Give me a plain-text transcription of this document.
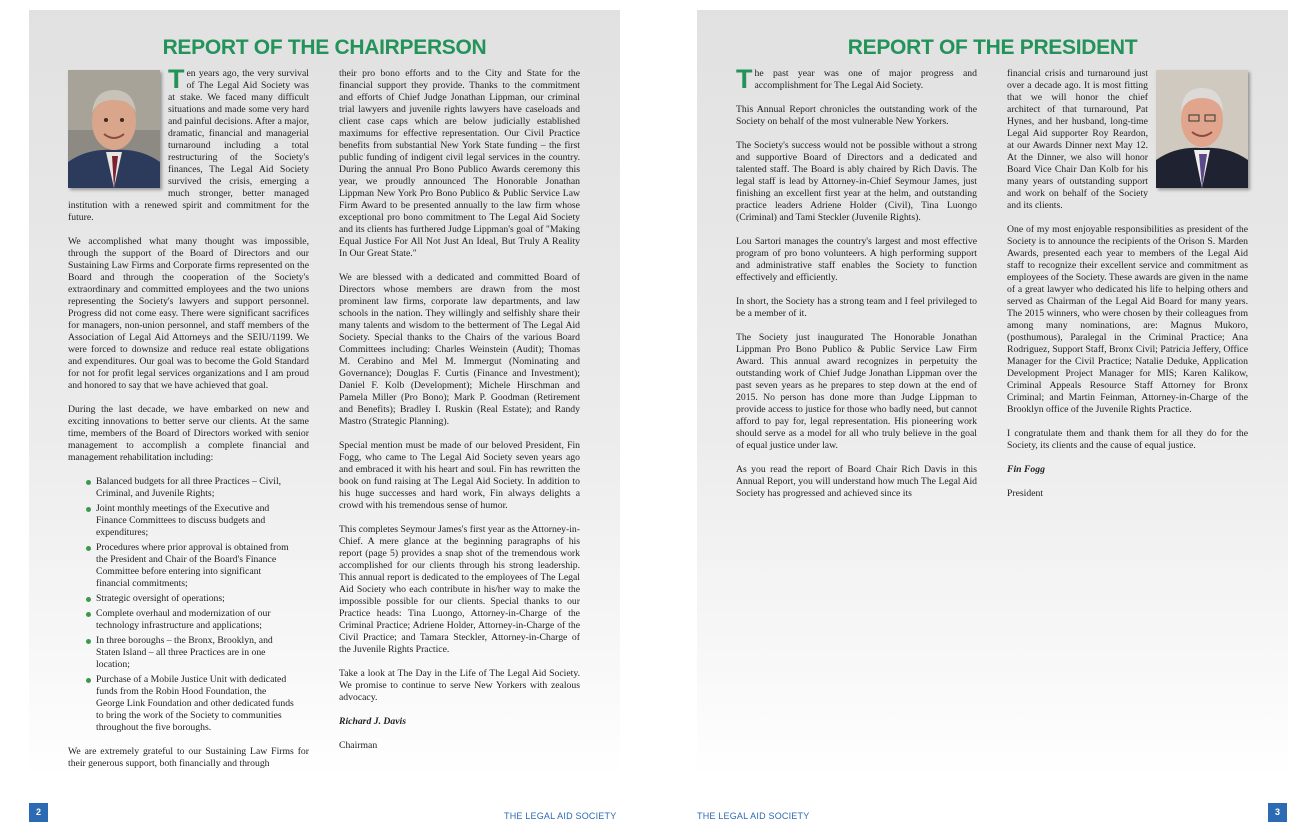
REPORT OF THE CHAIRPERSON

Ten years ago, the very survival of The Legal Aid Society was at stake. We faced many difficult situations and made some very hard and painful decisions. After a major, dramatic, financial and managerial turnaround including a total restructuring of the Society's finances, The Legal Aid Society survived the crisis, emerging a much stronger, better managed institution with a renewed spirit and commitment for the future.

We accomplished what many thought was impossible, through the support of the Board of Directors and our Sustaining Law Firms and Corporate firms represented on the Board and through the cooperation of the Society's extraordinary and committed employees and the two unions representing the Society's lawyers and support personnel. Progress did not come easy. There were significant sacrifices for managers, non-union personnel, and staff members of the Association of Legal Aid Attorneys and the SEIU/1199. We were forced to downsize and reduce real estate obligations and expenditures. Our goal was to become the Gold Standard for not for profit legal services organizations and I am proud and honored to say that we have achieved that goal.

During the last decade, we have embarked on new and exciting innovations to better serve our clients. At the same time, members of the Board of Directors worked with senior management to accomplish a complete financial and management rehabilitation including:

Balanced budgets for all three Practices – Civil, Criminal, and Juvenile Rights;
Joint monthly meetings of the Executive and Finance Committees to discuss budgets and expenditures;
Procedures where prior approval is obtained from the President and Chair of the Board's Finance Committee before entering into significant financial commitments;
Strategic oversight of operations;
Complete overhaul and modernization of our technology infrastructure and applications;
In three boroughs – the Bronx, Brooklyn, and Staten Island – all three Practices are in one location;
Purchase of a Mobile Justice Unit with dedicated funds from the Robin Hood Foundation, the George Link Foundation and other dedicated funds to bring the work of the Society to communities throughout the five boroughs.

We are extremely grateful to our Sustaining Law Firms for their generous support, both financially and through

their pro bono efforts and to the City and State for the financial support they provide. Thanks to the commitment and efforts of Chief Judge Jonathan Lippman, our criminal trial lawyers and juvenile rights lawyers have caseloads and client case caps which are below judicially established maximums for effective representation. Our Civil Practice benefits from substantial New York State funding – the first public funding of indigent civil legal services in the country. During the annual Pro Bono Publico Awards ceremony this year, we proudly announced The Honorable Jonathan Lippman New York Pro Bono Publico & Public Service Law Firm Award to be presented annually to the law firm whose exceptional pro bono commitment to The Legal Aid Society and its clients has furthered Judge Lippman's goal of "Making Equal Justice For All Not Just An Ideal, But Truly A Reality In Our Great State."

We are blessed with a dedicated and committed Board of Directors whose members are drawn from the most prominent law firms, corporate law departments, and law schools in the nation. They willingly and selfishly share their many talents and wisdom to the betterment of The Legal Aid Society. Special thanks to the Chairs of the various Board Committees including: Charles Weinstein (Audit); Thomas M. Cerabino and Mel M. Immergut (Nominating and Governance); Douglas F. Curtis (Finance and Investment); Daniel F. Kolb (Development); Michele Hirschman and Pamela Miller (Pro Bono); Mark P. Goodman (Retirement and Benefits); Bradley I. Ruskin (Real Estate); and Randy Mastro (Strategic Planning).

Special mention must be made of our beloved President, Fin Fogg, who came to The Legal Aid Society seven years ago and embraced it with his heart and soul. Fin has rewritten the book on fund raising at The Legal Aid Society. In addition to his huge successes and hard work, Fin always delights a crowd with his tremendous sense of humor.

This completes Seymour James's first year as the Attorney-in-Chief. A mere glance at the beginning paragraphs of his report (page 5) provides a snap shot of the tremendous work accomplished for our clients through his strong leadership. This annual report is dedicated to the employees of The Legal Aid Society who each contribute in his/her way to make the impossible possible for our clients. Special thanks to our Practice heads: Tina Luongo, Attorney-in-Charge of the Criminal Practice; Adriene Holder, Attorney-in-Charge of the Civil Practice; and Tamara Steckler, Attorney-in-Charge of the Juvenile Rights Practice.

Take a look at The Day in the Life of The Legal Aid Society. We promise to continue to serve New Yorkers with zealous advocacy.

Richard J. Davis

Chairman

REPORT OF THE PRESIDENT

The past year was one of major progress and accomplishment for The Legal Aid Society.

This Annual Report chronicles the outstanding work of the Society on behalf of the most vulnerable New Yorkers.

The Society's success would not be possible without a strong and supportive Board of Directors and a dedicated and talented staff. The Board is ably chaired by Rich Davis. The legal staff is lead by Attorney-in-Chief Seymour James, just finishing an excellent first year at the helm, and outstanding practice leaders Adriene Holder (Civil), Tina Luongo (Criminal) and Tami Steckler (Juvenile Rights).

Lou Sartori manages the country's largest and most effective program of pro bono volunteers. A high performing support and administrative staff enables the Society to function effectively and efficiently.

In short, the Society has a strong team and I feel privileged to be a member of it.

The Society just inaugurated The Honorable Jonathan Lippman Pro Bono Publico & Public Service Law Firm Award. This annual award recognizes in perpetuity the outstanding work of Chief Judge Jonathan Lippman over the past seven years as he prepares to step down at the end of 2015. No person has done more than Judge Lippman to provide access to justice for those who badly need, but cannot afford to pay for, legal representation. His pioneering work should serve as a model for all who truly believe in the goal of equal justice under law.

As you read the report of Board Chair Rich Davis in this Annual Report, you will understand how much The Legal Aid Society has progressed and achieved since its

financial crisis and turnaround just over a decade ago. It is most fitting that we will honor the chief architect of that turnaround, Pat Hynes, and her husband, long-time Legal Aid supporter Roy Reardon, at our Awards Dinner next May 12. At the Dinner, we also will honor Board Vice Chair Dan Kolb for his many years of outstanding support and work on behalf of the Society and its clients.

One of my most enjoyable responsibilities as president of the Society is to announce the recipients of the Orison S. Marden Awards, presented each year to members of the Legal Aid staff to recognize their excellent service and commitment as employees of the Society. These awards are given in the name of a great lawyer who dedicated his life to helping others and served as Chairman of the Legal Aid Board for many years. The 2015 winners, who were chosen by their colleagues from among many nominations, are: Magnus Mukoro, (posthumous), Paralegal in the Criminal Practice; Ana Rodriguez, Support Staff, Bronx Civil; Patricia Jeffery, Office Manager for the Civil Practice; Natalie Deduke, Application Development Project Manager for MIS; Karen Kalikow, Criminal Appeals Resource Staff Attorney for Bronx Criminal; and Martin Feinman, Attorney-in-Charge of the Brooklyn office of the Juvenile Rights Practice.

I congratulate them and thank them for all they do for the Society, its clients and the cause of equal justice.

Fin Fogg

President

2	THE LEGAL AID SOCIETY	THE LEGAL AID SOCIETY	3
